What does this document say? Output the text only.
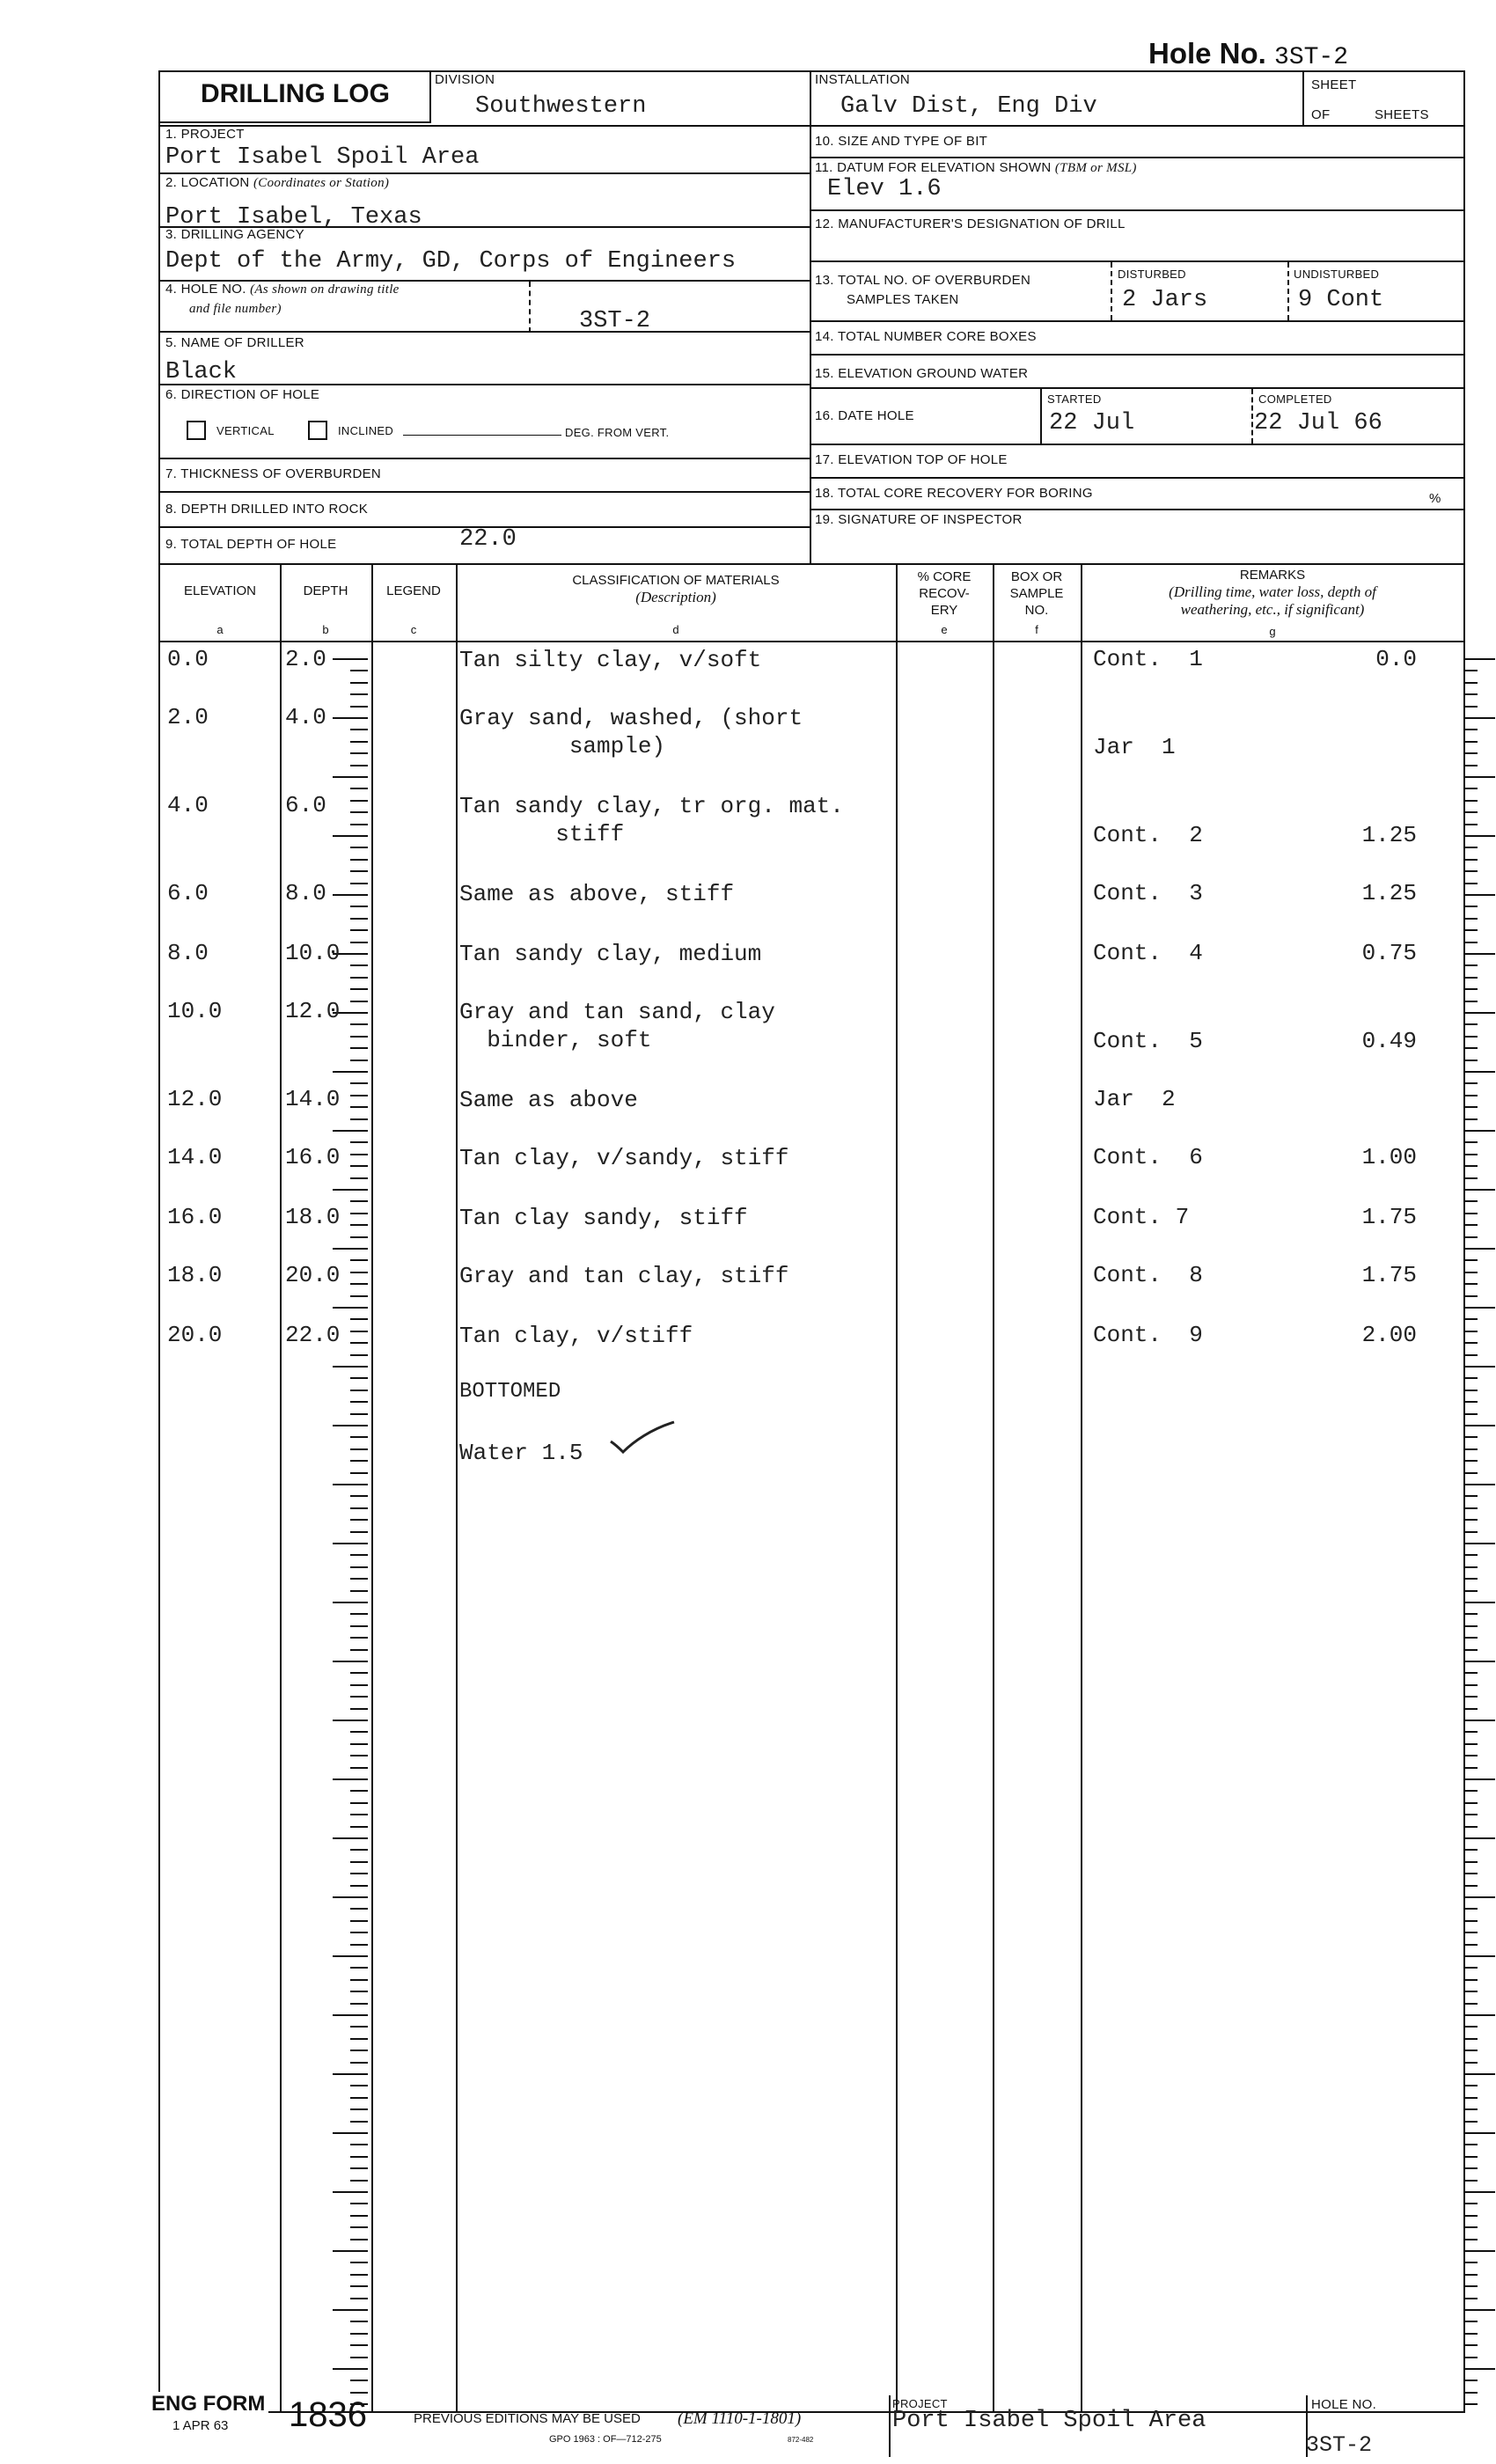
Hole No. 3ST-2
DRILLING LOG	DIVISION
Southwestern
INSTALLATION
Galv Dist, Eng Div
SHEET
OF	SHEETS
1. PROJECT
Port Isabel Spoil Area
2. LOCATION (Coordinates or Station)
Port Isabel, Texas
3. DRILLING AGENCY
Dept of the Army, GD, Corps of Engineers
4. HOLE NO. (As shown on drawing title
and file number)	3ST-2
5. NAME OF DRILLER
Black
6. DIRECTION OF HOLE
VERTICAL	INCLINED	DEG. FROM VERT.
7. THICKNESS OF OVERBURDEN
8. DEPTH DRILLED INTO ROCK
9. TOTAL DEPTH OF HOLE	22.0
10. SIZE AND TYPE OF BIT
11. DATUM FOR ELEVATION SHOWN (TBM or MSL)
Elev 1.6
12. MANUFACTURER'S DESIGNATION OF DRILL
13. TOTAL NO. OF OVERBURDEN
SAMPLES TAKEN
DISTURBED
2 Jars
UNDISTURBED
9 Cont
14. TOTAL NUMBER CORE BOXES
15. ELEVATION GROUND WATER
16. DATE HOLE
STARTED
22 Jul
COMPLETED
22 Jul 66
17. ELEVATION TOP OF HOLE
18. TOTAL CORE RECOVERY FOR BORING	%
19. SIGNATURE OF INSPECTOR
ELEVATION
a
DEPTH
b
LEGEND
c
CLASSIFICATION OF MATERIALS
(Description)
d
% CORE
RECOV-
ERY
e
BOX OR
SAMPLE
NO.
f
REMARKS
(Drilling time, water loss, depth of
weathering, etc., if significant)
g
0.0	2.0	Tan silty clay, v/soft	Cont.  1	0.0
2.0	4.0	Gray sand, washed, (short
sample)	Jar  1
4.0	6.0	Tan sandy clay, tr org. mat.
stiff	Cont.  2	1.25
6.0	8.0	Same as above, stiff	Cont.  3	1.25
8.0	10.0	Tan sandy clay, medium	Cont.  4	0.75
10.0	12.0	Gray and tan sand, clay
binder, soft	Cont.  5	0.49
12.0	14.0	Same as above	Jar  2
14.0	16.0	Tan clay, v/sandy, stiff	Cont.  6	1.00
16.0	18.0	Tan clay sandy, stiff	Cont. 7	1.75
18.0	20.0	Gray and tan clay, stiff	Cont.  8	1.75
20.0	22.0	Tan clay, v/stiff	Cont.  9	2.00
BOTTOMED
Water 1.5
ENG FORM
1 APR 63 1836	PREVIOUS EDITIONS MAY BE USED (EM 1110-1-1801)
GPO 1963 : OF—712-275	872-482
PROJECT
Port Isabel Spoil Area
HOLE NO.
3ST-2
